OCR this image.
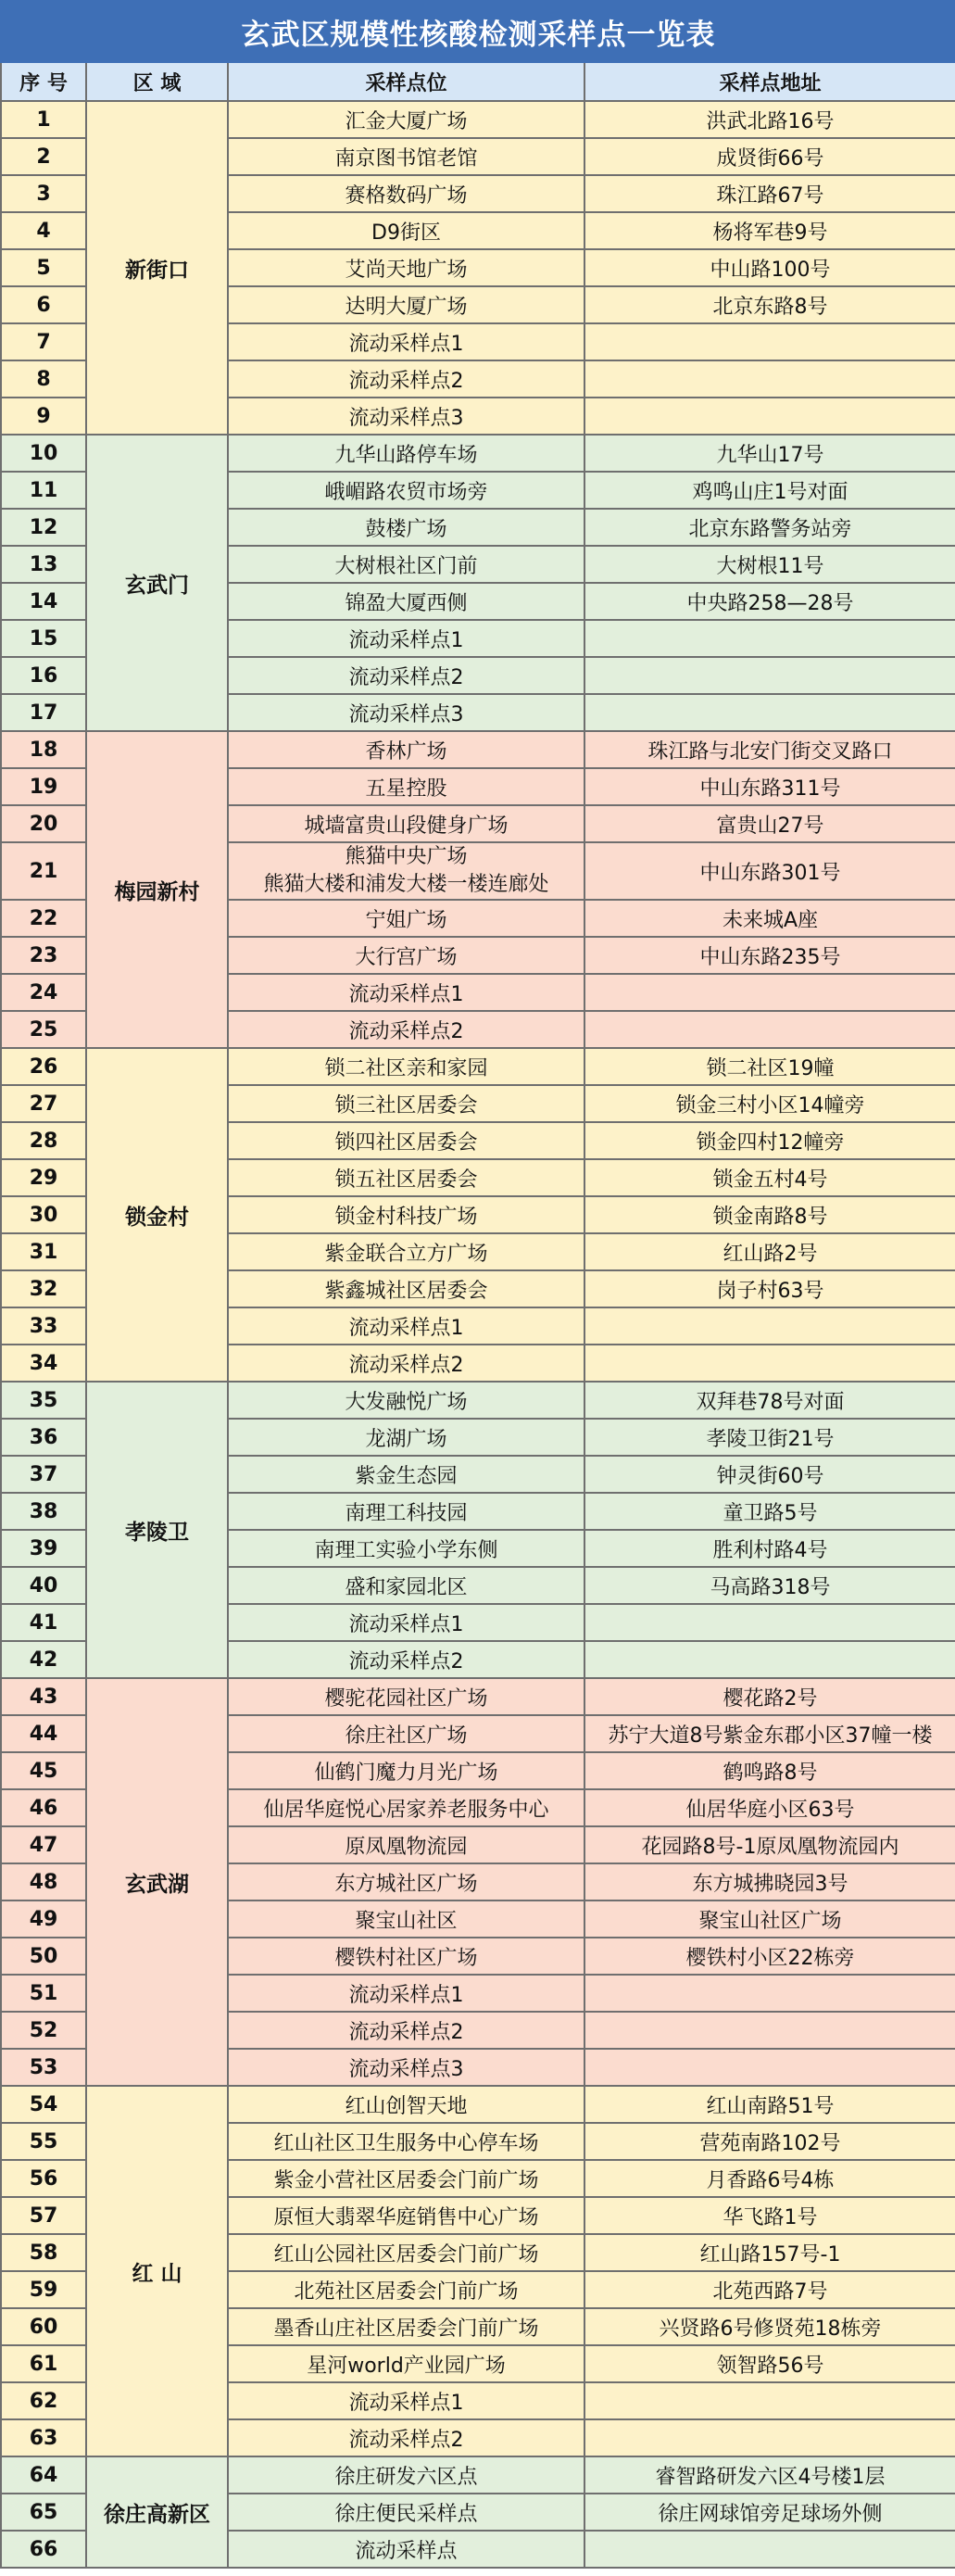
玄武区规模性核酸检测采样点一览表			
序 号	区 域	采样点位	采样点地址
1	新街口	汇金大厦广场	洪武北路16号
2		南京图书馆老馆	成贤街66号
3		赛格数码广场	珠江路67号
4		D9街区	杨将军巷9号
5		艾尚天地广场	中山路100号
6		达明大厦广场	北京东路8号
7		流动采样点1	
8		流动采样点2	
9		流动采样点3	
10	玄武门	九华山路停车场	九华山17号
11		峨嵋路农贸市场旁	鸡鸣山庄1号对面
12		鼓楼广场	北京东路警务站旁
13		大树根社区门前	大树根11号
14		锦盈大厦西侧	中央路258—28号
15		流动采样点1	
16		流动采样点2	
17		流动采样点3	
18	梅园新村	香林广场	珠江路与北安门街交叉路口
19		五星控股	中山东路311号
20		城墙富贵山段健身广场	富贵山27号
21		熊猫中央广场
熊猫大楼和浦发大楼一楼连廊处	中山东路301号
22		宁姐广场	未来城A座
23		大行宫广场	中山东路235号
24		流动采样点1	
25		流动采样点2	
26	锁金村	锁二社区亲和家园	锁二社区19幢
27		锁三社区居委会	锁金三村小区14幢旁
28		锁四社区居委会	锁金四村12幢旁
29		锁五社区居委会	锁金五村4号
30		锁金村科技广场	锁金南路8号
31		紫金联合立方广场	红山路2号
32		紫鑫城社区居委会	岗子村63号
33		流动采样点1	
34		流动采样点2	
35	孝陵卫	大发融悦广场	双拜巷78号对面
36		龙湖广场	孝陵卫街21号
37		紫金生态园	钟灵街60号
38		南理工科技园	童卫路5号
39		南理工实验小学东侧	胜利村路4号
40		盛和家园北区	马高路318号
41		流动采样点1	
42		流动采样点2	
43	玄武湖	樱驼花园社区广场	樱花路2号
44		徐庄社区广场	苏宁大道8号紫金东郡小区37幢一楼
45		仙鹤门魔力月光广场	鹤鸣路8号
46		仙居华庭悦心居家养老服务中心	仙居华庭小区63号
47		原凤凰物流园	花园路8号-1原凤凰物流园内
48		东方城社区广场	东方城拂晓园3号
49		聚宝山社区	聚宝山社区广场
50		樱铁村社区广场	樱铁村小区22栋旁
51		流动采样点1	
52		流动采样点2	
53		流动采样点3	
54	红 山	红山创智天地	红山南路51号
55		红山社区卫生服务中心停车场	营苑南路102号
56		紫金小营社区居委会门前广场	月香路6号4栋
57		原恒大翡翠华庭销售中心广场	华飞路1号
58		红山公园社区居委会门前广场	红山路157号-1
59		北苑社区居委会门前广场	北苑西路7号
60		墨香山庄社区居委会门前广场	兴贤路6号修贤苑18栋旁
61		星河world产业园广场	领智路56号
62		流动采样点1	
63		流动采样点2	
64	徐庄高新区	徐庄研发六区点	睿智路研发六区4号楼1层
65		徐庄便民采样点	徐庄网球馆旁足球场外侧
66		流动采样点	
